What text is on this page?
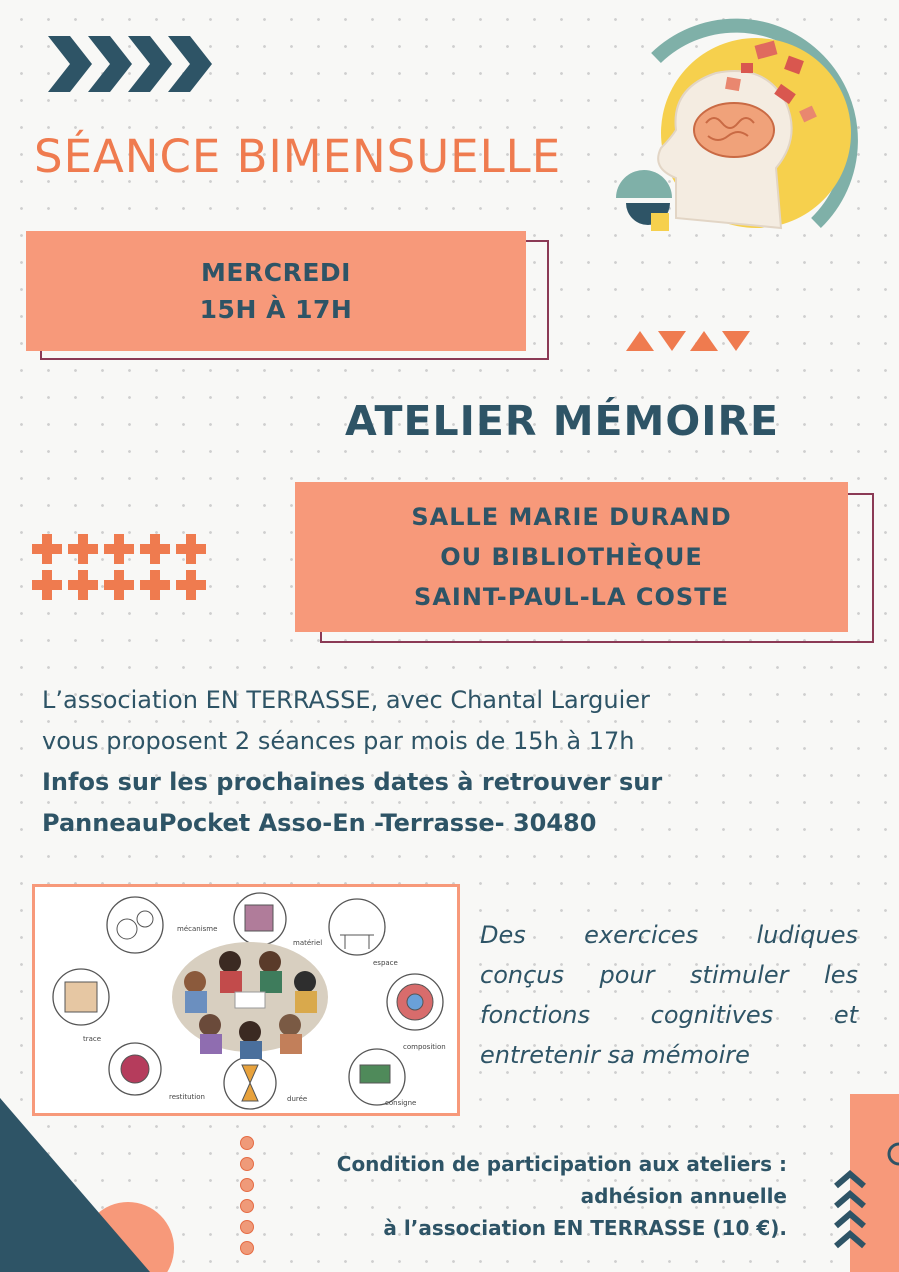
SÉANCE BIMENSUELLE
MERCREDI
15H À 17H
ATELIER MÉMOIRE
SALLE MARIE DURAND
OU BIBLIOTHÈQUE
SAINT-PAUL-LA COSTE
L’association EN TERRASSE, avec Chantal Larguier
vous proposent 2 séances par mois de 15h à 17h
Infos sur les prochaines dates à retrouver sur
PanneauPocket Asso-En -Terrasse- 30480
mécanisme
matériel
espace
composition
consigne
durée
restitution
trace
Des exercices ludiques
conçus pour stimuler les
fonctions cognitives et
entretenir sa mémoire
Condition de participation aux ateliers :
adhésion annuelle
à l’association EN TERRASSE (10 €).
